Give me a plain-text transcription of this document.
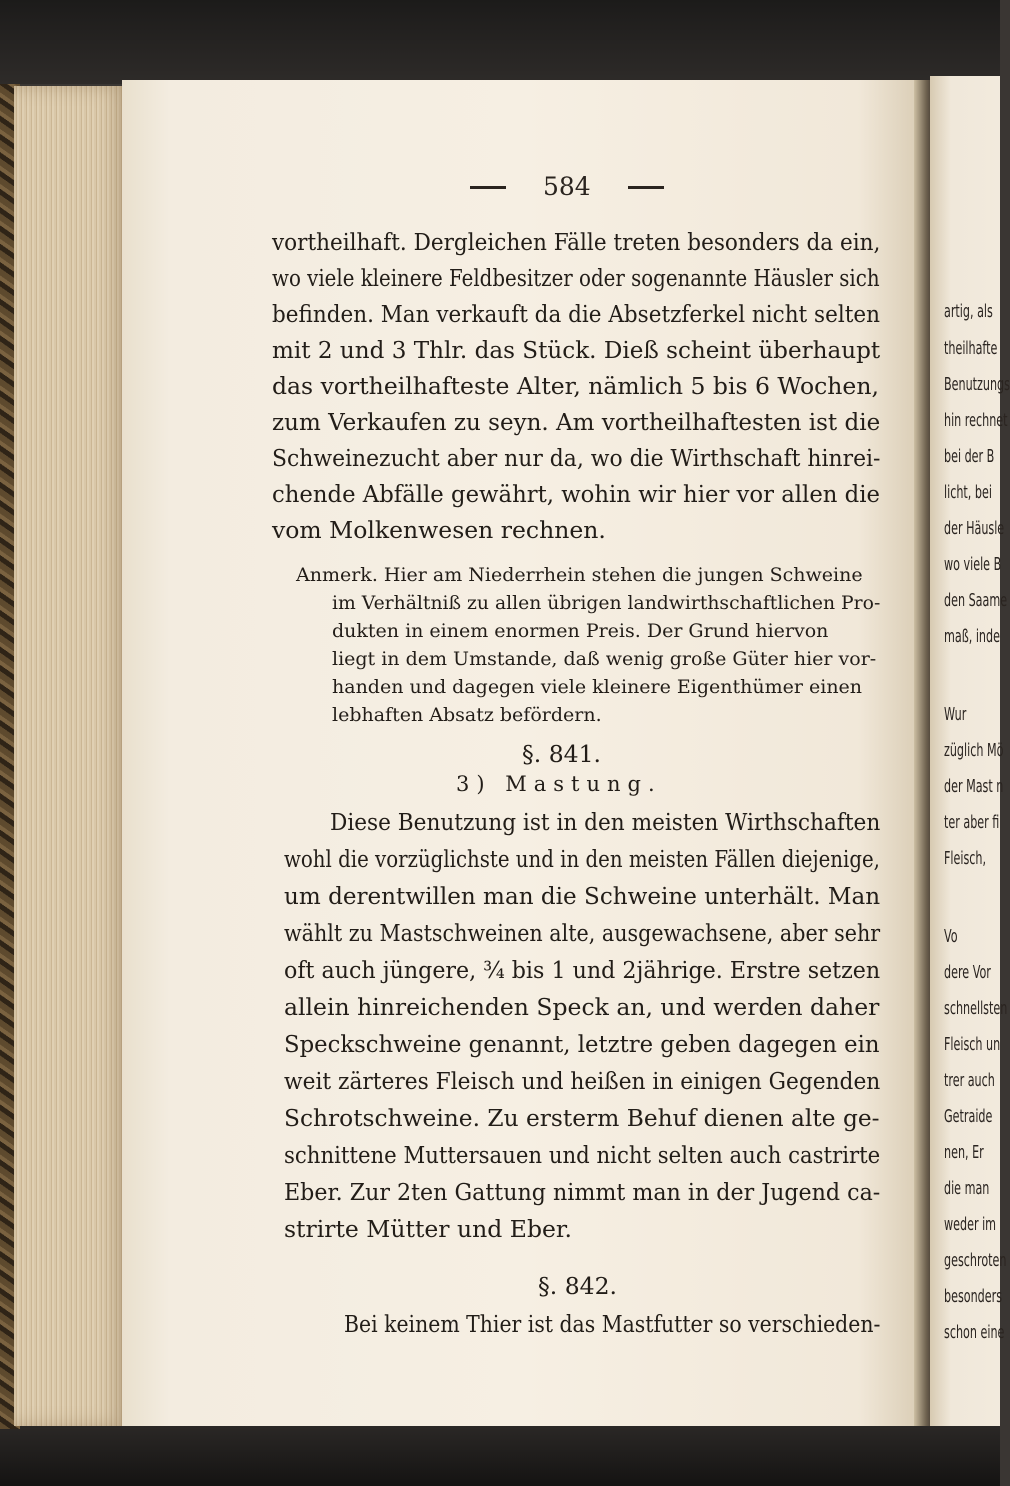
artig, als
theilhafte
Benutzungs
hin rechnet
bei der B
licht, bei
der Häusle
wo viele B
den Saame
maß, inde
Wur
züglich Mö
der Mast n
ter aber fi
Fleisch,
Vo
dere Vor
schnellsten
Fleisch un
trer auch
Getraide
nen, Er
die man
weder im
geschroten
besonders
schon eine
584
vortheilhaft. Dergleichen Fälle treten besonders da ein,
wo viele kleinere Feldbesitzer oder sogenannte Häusler sich
befinden. Man verkauft da die Absetzferkel nicht selten
mit 2 und 3 Thlr. das Stück. Dieß scheint überhaupt
das vortheilhafteste Alter, nämlich 5 bis 6 Wochen,
zum Verkaufen zu seyn. Am vortheilhaftesten ist die
Schweinezucht aber nur da, wo die Wirthschaft hinrei-
chende Abfälle gewährt, wohin wir hier vor allen die
vom Molkenwesen rechnen.
Anmerk. Hier am Niederrhein stehen die jungen Schweine
im Verhältniß zu allen übrigen landwirthschaftlichen Pro-
dukten in einem enormen Preis. Der Grund hiervon
liegt in dem Umstande, daß wenig große Güter hier vor-
handen und dagegen viele kleinere Eigenthümer einen
lebhaften Absatz befördern.
§. 841.
3) Mastung.
Diese Benutzung ist in den meisten Wirthschaften
wohl die vorzüglichste und in den meisten Fällen diejenige,
um derentwillen man die Schweine unterhält. Man
wählt zu Mastschweinen alte, ausgewachsene, aber sehr
oft auch jüngere, ¾ bis 1 und 2jährige. Erstre setzen
allein hinreichenden Speck an, und werden daher
Speckschweine genannt, letztre geben dagegen ein
weit zärteres Fleisch und heißen in einigen Gegenden
Schrotschweine. Zu ersterm Behuf dienen alte ge-
schnittene Muttersauen und nicht selten auch castrirte
Eber. Zur 2ten Gattung nimmt man in der Jugend ca-
strirte Mütter und Eber.
§. 842.
Bei keinem Thier ist das Mastfutter so verschieden-
